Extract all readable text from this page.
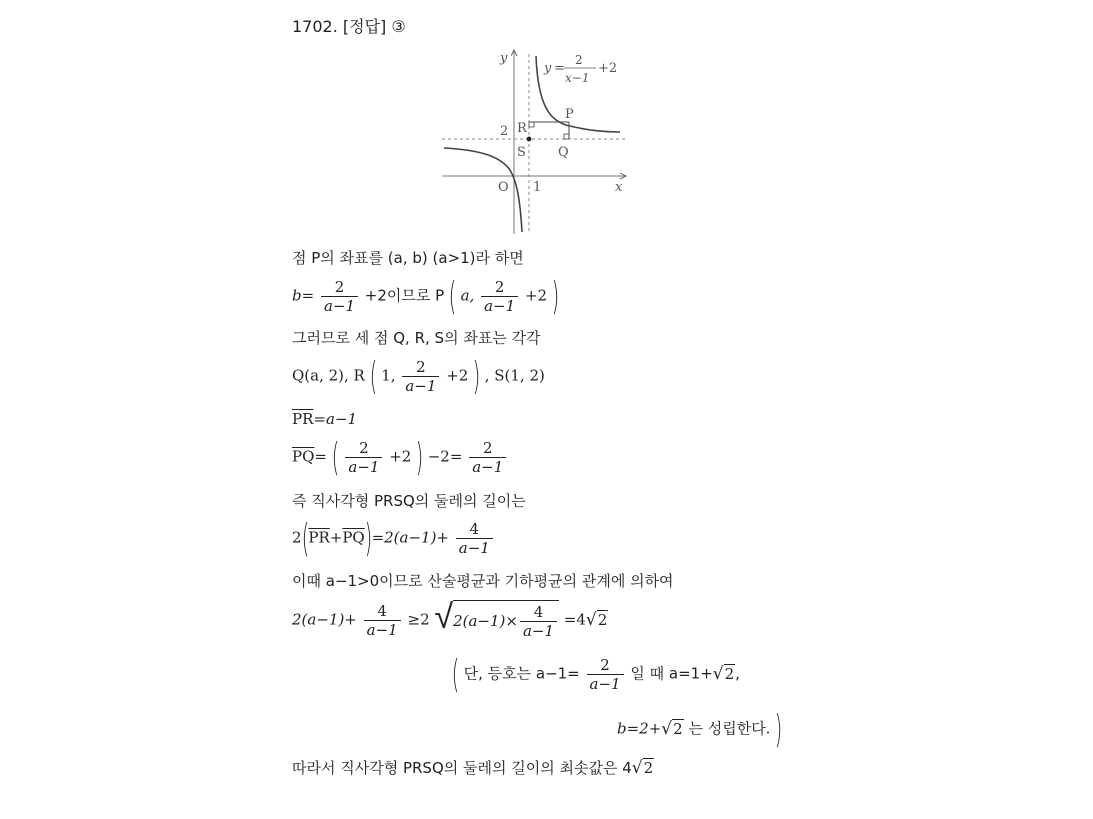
1702. [정답] ③
y
x
O 1
2
P
R
S Q
y =
2
x−1
+2
점 P의 좌표를 (a, b) (a>1)라 하면
$b= \frac{2}{a-1} +2$이므로 P ( a, $\frac{2}{a-1} +2$ )
그러므로 세 점 Q, R, S의 좌표는 각각
Q(a, 2), R ( 1, $\frac{2}{a-1} +2$ ) , S(1, 2)
$\overline{PR}=a-1$
$\overline{PQ}=$ ( $\frac{2}{a-1} +2$ ) $-2= \frac{2}{a-1}$
즉 직사각형 PRSQ의 둘레의 길이는
$2(\overline{PR}+\overline{PQ})=2(a-1)+ \frac{4}{a-1}$
이때 a−1>0이므로 산술평균과 기하평균의 관계에 의하여
$2(a-1)+ \frac{4}{a-1} \ge 2$ √ $2(a-1)\times \frac{4}{a-1} =4√2$
( 단, 등호는 $a-1= \frac{2}{a-1}$ 일 때 a=1+√2,
b=2+√2 는 성립한다. )
따라서 직사각형 PRSQ의 둘레의 길이의 최솟값은 4√2
